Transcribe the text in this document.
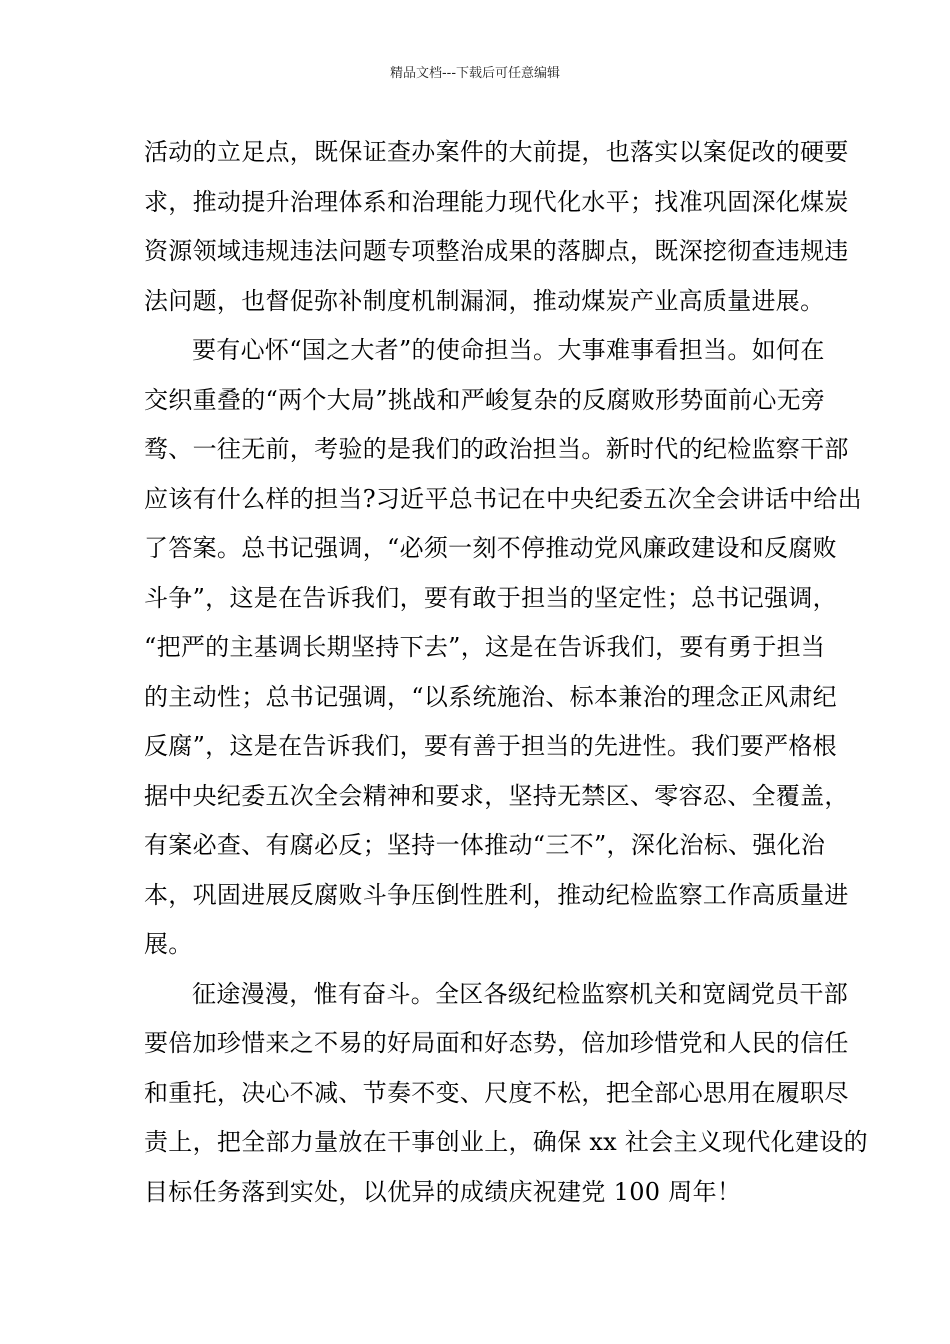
精品文档---下载后可任意编辑
活动的立足点，既保证查办案件的大前提，也落实以案促改的硬要
求，推动提升治理体系和治理能力现代化水平；找准巩固深化煤炭
资源领域违规违法问题专项整治成果的落脚点，既深挖彻查违规违
法问题，也督促弥补制度机制漏洞，推动煤炭产业高质量进展。
要有心怀“国之大者”的使命担当。大事难事看担当。如何在
交织重叠的“两个大局”挑战和严峻复杂的反腐败形势面前心无旁
骛、一往无前，考验的是我们的政治担当。新时代的纪检监察干部
应该有什么样的担当?习近平总书记在中央纪委五次全会讲话中给出
了答案。总书记强调，“必须一刻不停推动党风廉政建设和反腐败
斗争”，这是在告诉我们，要有敢于担当的坚定性；总书记强调，
“把严的主基调长期坚持下去”，这是在告诉我们，要有勇于担当
的主动性；总书记强调，“以系统施治、标本兼治的理念正风肃纪
反腐”，这是在告诉我们，要有善于担当的先进性。我们要严格根
据中央纪委五次全会精神和要求，坚持无禁区、零容忍、全覆盖，
有案必查、有腐必反；坚持一体推动“三不”，深化治标、强化治
本，巩固进展反腐败斗争压倒性胜利，推动纪检监察工作高质量进
展。
征途漫漫，惟有奋斗。全区各级纪检监察机关和宽阔党员干部
要倍加珍惜来之不易的好局面和好态势，倍加珍惜党和人民的信任
和重托，决心不减、节奏不变、尺度不松，把全部心思用在履职尽
责上，把全部力量放在干事创业上，确保 xx 社会主义现代化建设的
目标任务落到实处，以优异的成绩庆祝建党 100 周年！
